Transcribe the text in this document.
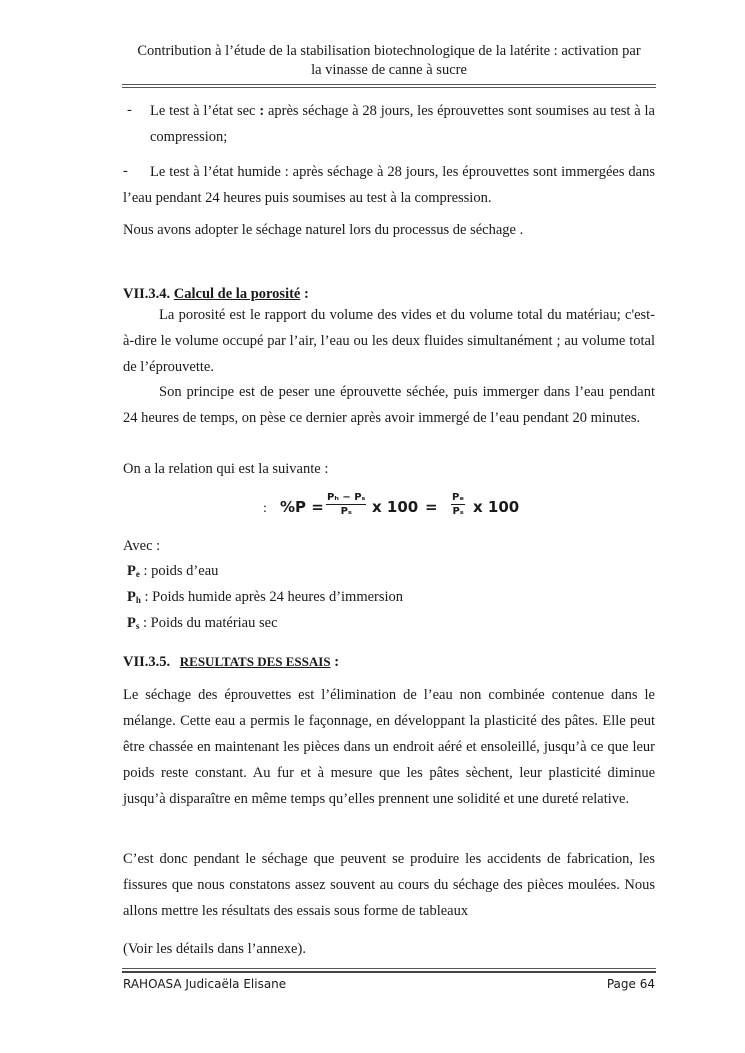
Contribution à l’étude de la stabilisation biotechnologique de la latérite : activation par
la vinasse de canne à sucre
- Le test à l’état sec : après séchage à 28 jours, les éprouvettes sont soumises au test à la compression;
-	Le test à l’état humide : après séchage à 28 jours, les éprouvettes sont immergées dans l’eau pendant 24 heures puis soumises au test à la compression.
Nous avons adopter le séchage naturel lors du processus de séchage .
VII.3.4. Calcul de la porosité :
La porosité est le rapport du volume des vides et du volume total du matériau; c'est-à-dire le volume occupé par l’air, l’eau ou les deux fluides simultanément ; au volume total de l’éprouvette.
Son principe est de peser une éprouvette séchée, puis immerger dans l’eau pendant 24 heures de temps, on pèse ce dernier après avoir immergé de l’eau pendant 20 minutes.
On a la relation qui est la suivante :
: $\%P = \frac{\text{Pₕ − Pₛ}}{\text{Pₛ}}$ x $100 = \frac{\text{Pₑ}}{\text{Pₛ}}$ x 100
Avec :
$P_e$ : poids d’eau
$P_h$ : Poids humide après 24 heures d’immersion
$P_s$ : Poids du matériau sec
VII.3.5. RESULTATS DES ESSAIS :
Le séchage des éprouvettes est l’élimination de l’eau non combinée contenue dans le mélange. Cette eau a permis le façonnage, en développant la plasticité des pâtes. Elle peut être chassée en maintenant les pièces dans un endroit aéré et ensoleillé, jusqu’à ce que leur poids reste constant. Au fur et à mesure que les pâtes sèchent, leur plasticité diminue jusqu’à disparaître en même temps qu’elles prennent une solidité et une dureté relative.
C’est donc pendant le séchage que peuvent se produire les accidents de fabrication, les fissures que nous constatons assez souvent au cours du séchage des pièces moulées. Nous allons mettre les résultats des essais sous forme de tableaux
(Voir les détails dans l’annexe).
RAHOASA Judicaëla Elisane	Page 64
